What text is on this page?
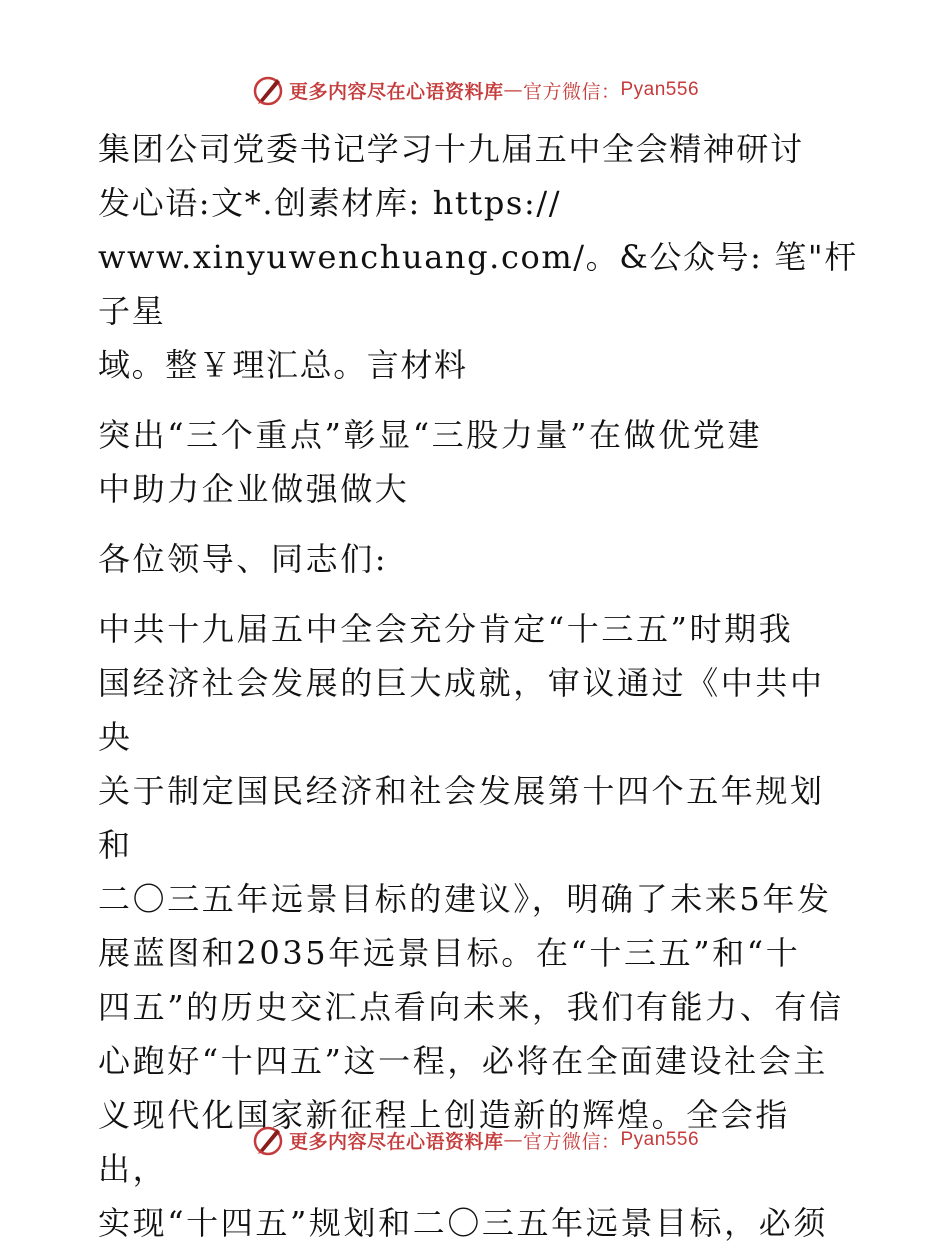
更多内容尽在心语资料库 — 官方微信： Pyan556

集团公司党委书记学习十九届五中全会精神研讨
发心语:文*.创素材库: https://
www.xinyuwenchuang.com/。&公众号: 笔"杆子星
域。整￥理汇总。言材料

突出“三个重点”彰显“三股力量”在做优党建
中助力企业做强做大

各位领导、同志们:

中共十九届五中全会充分肯定“十三五”时期我
国经济社会发展的巨大成就，审议通过《中共中央
关于制定国民经济和社会发展第十四个五年规划和
二〇三五年远景目标的建议》，明确了未来5年发
展蓝图和2035年远景目标。在“十三五”和“十
四五”的历史交汇点看向未来，我们有能力、有信
心跑好“十四五”这一程，必将在全面建设社会主
义现代化国家新征程上创造新的辉煌。全会指出，
实现“十四五”规划和二〇三五年远景目标，必须

更多内容尽在心语资料库 — 官方微信： Pyan556
